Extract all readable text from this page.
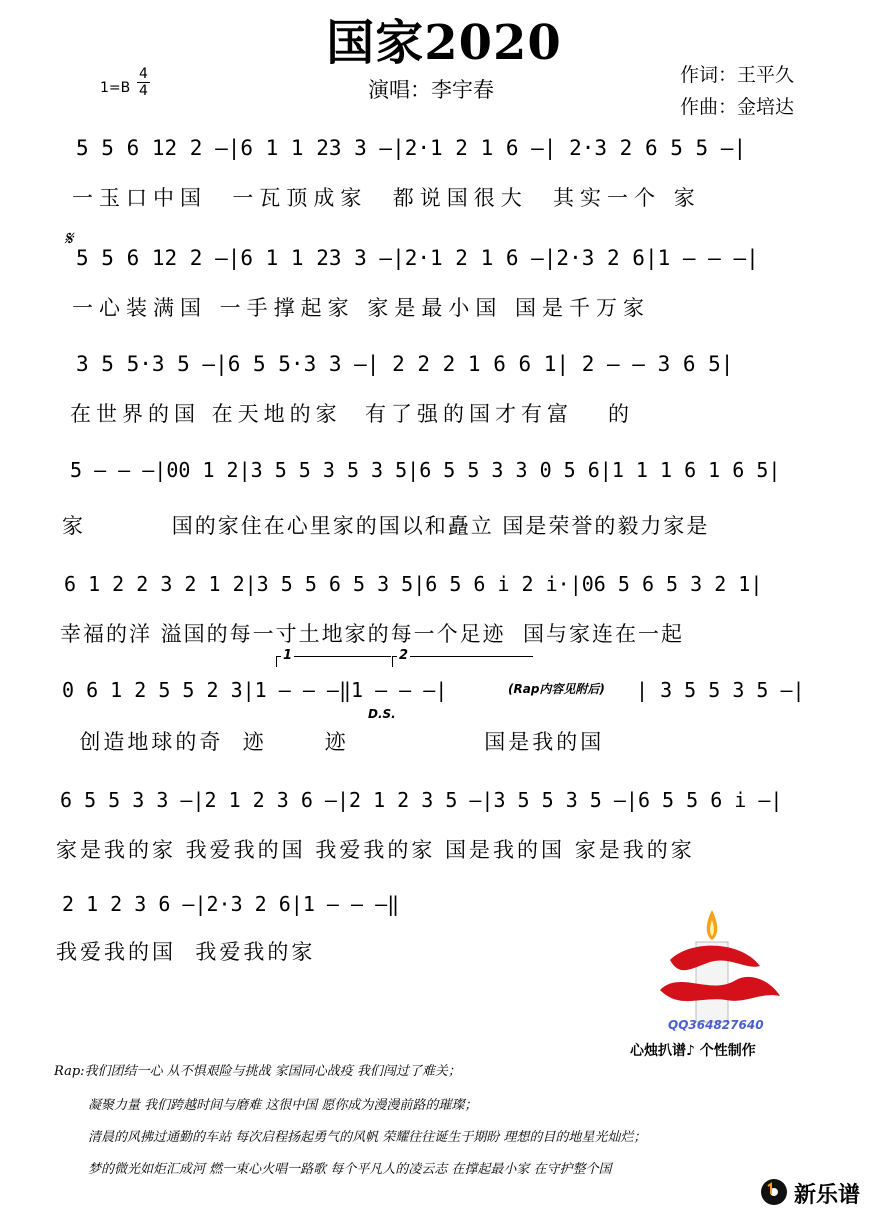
国家2020
$1=B \frac{4}{4}$	演唱：李宇春
作词：王平久
作曲：金培达
5 5 6 12 2 –|6 1 1 23 3 –|2·1 2 1 6 –| 2·3 2 6 5 5 –|
一玉口中国  一瓦顶成家  都说国很大  其实一个 家
𝄋
5 5 6 12 2 –|6 1 1 23 3 –|2·1 2 1 6 –|2·3 2 6|1 – – –|
一心装满国 一手撑起家 家是最小国 国是千万家
3 5 5·3 5 –|6 5 5·3 3 –| 2 2 2 1 6 6 1| 2 – – 3 6 5|
在世界的国 在天地的家  有了强的国才有富   的
5 – – –|00 1 2|3 5 5 3 5 3 5|6 5 5 3 3 0 5 6|1 1 1 6 1 6 5|
家          国的家住在心里家的国以和矗立 国是荣誉的毅力家是
6 1 2 2 3 2 1 2|3 5 5 6 5 3 5|6 5 6 i 2 i·|06 5 6 5 3 2 1|
幸福的洋 溢国的每一寸土地家的每一个足迹  国与家连在一起
1	2
0 6 1 2 5 5 2 3|1 – – –‖1 – – –|	(Rap内容见附后) | 3 5 5 3 5 –|
D.S.
创造地球的奇  迹      迹              国是我的国
6 5 5 3 3 –|2 1 2 3 6 –|2 1 2 3 5 –|3 5 5 3 5 –|6 5 5 6 i –|
家是我的家 我爱我的国 我爱我的家 国是我的国 家是我的家
2 1 2 3 6 –|2·3 2 6|1 – – –‖
我爱我的国  我爱我的家
QQ364827640
心烛扒谱♪ 个性制作
Rap:我们团结一心 从不惧艰险与挑战 家国同心战疫 我们闯过了难关；
凝聚力量 我们跨越时间与磨难 这很中国 愿你成为漫漫前路的璀璨；
清晨的风拂过通勤的车站 每次启程扬起勇气的风帆 荣耀往往诞生于期盼 理想的目的地星光灿烂；
梦的微光如炬汇成河 燃一束心火唱一路歌 每个平凡人的凌云志 在撑起最小家 在守护整个国
新乐谱
